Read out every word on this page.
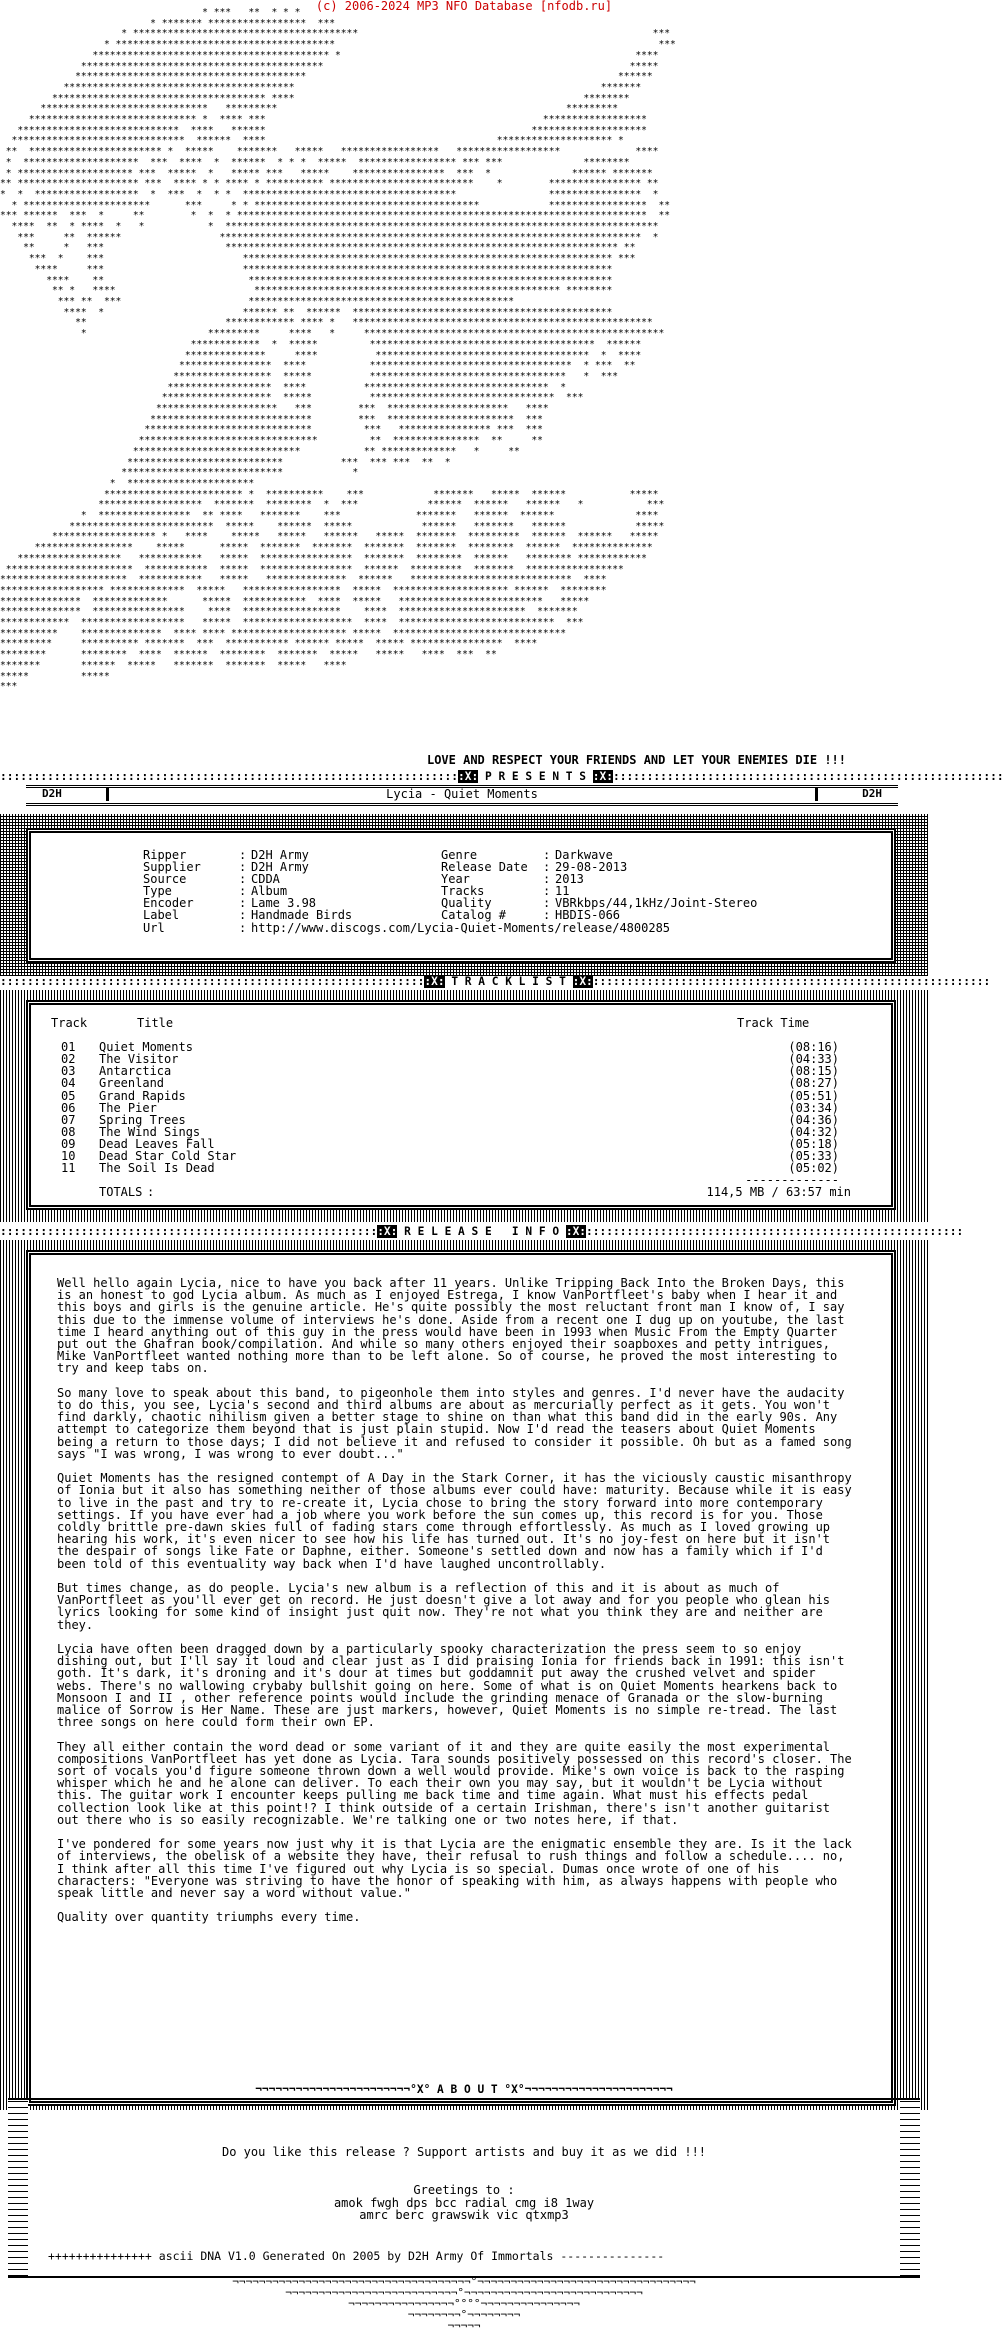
(c) 2006-2024 MP3 NFO Database [nfodb.ru]
* ***   **  * * *
* ******* *****************  ***
* ***************************************                                                   ***
* **************************************                                                        ***
***************************************** *                                                   ****
******************************************                                                     *****
****************************************                                                      ******
****************************************                                                     *******
************************************* ****                                                  ********
*****************************   *********                                                  *********
***************************** *  **** ***                                                ******************
****************************  ****   ******                                              ********************
******************************  ******  ****                                        ******************** *
**  *********************** *  *****    *******   *****   *****************   ******************             ****
*  ********************  ***  ****  *  ******  * * *  *****  ***************** *** ***              ********
* ******************** ***  *****  *   ***** ***   *****    ****************  ***  *              ****** *******
** ********************* ***  **** * * **** * ********** *************************    *        **************** **
*  *  ******************  *  ***  *  * *  *************************************                ****************  *
* **********************      ***     * * ***************************************            *****************  **
*** ******  ***  *     **        *  *  * ***********************************************************************  **
****  **  * ****  *   *           *  ***************************************************************************
***     **  ******                 *************************************************************************  *
**     *   ***                     ******************************************************************** **
***  *    ***                        **************************************************************** ***
****     ***                        ****************************************************************
****    **                         ***************************************************************
** *   ****                        ***************************************************** ********
*** **  ***                      **********************************************
****  *                        ****** **  ******  *********************************************
**                        ************ **** *   ****************************************************
*                     *********     ****   *     ****************************************************
************  *  *****         ***************************************  ******
**************     ****          *************************************  *  ****
****************  ****           ***********************************  * ***  **
*****************  *****          **********************************   *  ***
******************  ****          ********************************  *
*******************  *****          ********************************  ***
*********************   ***        ***  *********************   ****
****************************        ***  **********************  ***
*****************************         ***   **************** ***  ***
*******************************         **  ***************  **     **
*****************************           ** *************   *     **
***************************          ***  *** ***  **  *
****************************            *
*  **********************
************************ *  **********    ***            *******   *****  ******           *****
******************  *******  ********  *  ***            ******  ******   ******   *           ***
*  ****************  ** ****   *******    ***             *******   ******  ******              ****
*************************  *****    ******  *****            ******   *******   ******            *****
****************** *   ****    *****   *****   ******   *****  *******  *********  ******  ******   *****
*****************    *****      *****  *******  *******  *******  *******  ********  ******  **************
******************   ***********   *****  ****************  *******  ********  ******   ******** ************
**********************  ***********  *****  ****************  ******  *********  *******  *****************
**********************  ***********   *****   **************  ******   ****************************  ****
****************** *************  *****   *****************  *****  ******************** ******  ********
**************  *************      *****  ***********  ****  *****   *************************   *****
**************  ****************    ****  *****************    ****  **********************  *******
************  ******************   *****  *******************  ****  ***************************  ***
**********    **************  **** **** ******************** *****  ******************************
*********     ********** *******  ***  *********** ****** *****  ***** ****************  ****
********      ********  ****  ******  ********  *******  *****   *****   ****  ***  **
*******       ******  *****   *******  *******  *****   ****
*****         *****
***
LOVE AND RESPECT YOUR FRIENDS AND LET YOUR ENEMIES DIE !!!
:::::::::::::::::::::::::::::::::::::::::::::::::::::::::::::::::::::X: P R E S E N T S :X:::::::::::::::::::::::::::::::::::::::::::::::::::::::::::
D2H	Lycia - Quiet Moments	D2H
Ripper	: D2H Army	Genre	: Darkwave
Supplier	: D2H Army	Release Date	: 29-08-2013
Source	: CDDA	Year	: 2013
Type	: Album	Tracks	: 11
Encoder	: Lame 3.98	Quality	: VBRkbps/44,1kHz/Joint-Stereo
Label	: Handmade Birds	Catalog #	: HBDIS-066
Url	: http://www.discogs.com/Lycia-Quiet-Moments/release/4800285
::::::::::::::::::::::::::::::::::::::::::::::::::::::::::::::::X: T R A C K L I S T :X::::::::::::::::::::::::::::::::::::::::::::::::::::::::::::
Track	Title	Track Time
01	Quiet Moments	(08:16)
02	The Visitor	(04:33)
03	Antarctica	(08:15)
04	Greenland	(08:27)
05	Grand Rapids	(05:51)
06	The Pier	(03:34)
07	Spring Trees	(04:36)
08	The Wind Sings	(04:32)
09	Dead Leaves Fall	(05:18)
10	Dead Star Cold Star	(05:33)
11	The Soil Is Dead	(05:02)
-------------
TOTALS :	114,5 MB / 63:57 min
:::::::::::::::::::::::::::::::::::::::::::::::::::::::::X: R E L E A S E   I N F O :X:::::::::::::::::::::::::::::::::::::::::::::::::::::::::

Well hello again Lycia, nice to have you back after 11 years. Unlike Tripping Back Into the Broken Days, this is an honest to god Lycia album. As much as I enjoyed Estrega, I know VanPortfleet's baby when I hear it and this boys and girls is the genuine article. He's quite possibly the most reluctant front man I know of, I say this due to the immense volume of interviews he's done. Aside from a recent one I dug up on youtube, the last time I heard anything out of this guy in the press would have been in 1993 when Music From the Empty Quarter put out the Ghafran book/compilation. And while so many others enjoyed their soapboxes and petty intrigues, Mike VanPortfleet wanted nothing more than to be left alone. So of course, he proved the most interesting to try and keep tabs on.

So many love to speak about this band, to pigeonhole them into styles and genres. I'd never have the audacity to do this, you see, Lycia's second and third albums are about as mercurially perfect as it gets. You won't find darkly, chaotic nihilism given a better stage to shine on than what this band did in the early 90s. Any attempt to categorize them beyond that is just plain stupid. Now I'd read the teasers about Quiet Moments being a return to those days; I did not believe it and refused to consider it possible. Oh but as a famed song says "I was wrong, I was wrong to ever doubt..."

Quiet Moments has the resigned contempt of A Day in the Stark Corner, it has the viciously caustic misanthropy of Ionia but it also has something neither of those albums ever could have: maturity. Because while it is easy to live in the past and try to re-create it, Lycia chose to bring the story forward into more contemporary settings. If you have ever had a job where you work before the sun comes up, this record is for you. Those coldly brittle pre-dawn skies full of fading stars come through effortlessly. As much as I loved growing up hearing his work, it's even nicer to see how his life has turned out. It's no joy-fest on here but it isn't the despair of songs like Fate or Daphne, either. Someone's settled down and now has a family which if I'd been told of this eventuality way back when I'd have laughed uncontrollably.

But times change, as do people. Lycia's new album is a reflection of this and it is about as much of VanPortfleet as you'll ever get on record. He just doesn't give a lot away and for you people who glean his lyrics looking for some kind of insight just quit now. They're not what you think they are and neither are they.

Lycia have often been dragged down by a particularly spooky characterization the press seem to so enjoy dishing out, but I'll say it loud and clear just as I did praising Ionia for friends back in 1991: this isn't goth. It's dark, it's droning and it's dour at times but goddamnit put away the crushed velvet and spider webs. There's no wallowing crybaby bullshit going on here. Some of what is on Quiet Moments hearkens back to Monsoon I and II , other reference points would include the grinding menace of Granada or the slow-burning malice of Sorrow is Her Name. These are just markers, however, Quiet Moments is no simple re-tread. The last three songs on here could form their own EP.

They all either contain the word dead or some variant of it and they are quite easily the most experimental compositions VanPortfleet has yet done as Lycia. Tara sounds positively possessed on this record's closer. The sort of vocals you'd figure someone thrown down a well would provide. Mike's own voice is back to the rasping whisper which he and he alone can deliver. To each their own you may say, but it wouldn't be Lycia without this. The guitar work I encounter keeps pulling me back time and time again. What must his effects pedal collection look like at this point!? I think outside of a certain Irishman, there's isn't another guitarist out there who is so easily recognizable. We're talking one or two notes here, if that.

I've pondered for some years now just why it is that Lycia are the enigmatic ensemble they are. Is it the lack of interviews, the obelisk of a website they have, their refusal to rush things and follow a schedule.... no, I think after all this time I've figured out why Lycia is so special. Dumas once wrote of one of his characters: "Everyone was striving to have the honor of speaking with him, as always happens with people who speak little and never say a word without value."

Quality over quantity triumphs every time.

¬¬¬¬¬¬¬¬¬¬¬¬¬¬¬¬¬¬¬¬¬¬¬°X° A B O U T °X°¬¬¬¬¬¬¬¬¬¬¬¬¬¬¬¬¬¬¬¬¬¬
Do you like this release ? Support artists and buy it as we did !!!
Greetings to :
amok fwgh dps bcc radial cmg i8 1way
amrc berc grawswik vic qtxmp3
+++++++++++++++ ascii DNA V1.0 Generated On 2005 by D2H Army Of Immortals ---------------
¬¬¬¬¬¬¬¬¬¬¬¬¬¬¬¬¬¬¬¬¬¬¬¬¬¬¬¬¬¬¬¬¬¬¬¬°¬¬¬¬¬¬¬¬¬¬¬¬¬¬¬¬¬¬¬¬¬¬¬¬¬¬¬¬¬¬¬¬¬
¬¬¬¬¬¬¬¬¬¬¬¬¬¬¬¬¬¬¬¬¬¬¬¬¬¬°¬¬¬¬¬¬¬¬¬¬¬¬¬¬¬¬¬¬¬¬¬¬¬¬¬¬¬
¬¬¬¬¬¬¬¬¬¬¬¬¬¬¬¬°°°°¬¬¬¬¬¬¬¬¬¬¬¬¬¬¬
¬¬¬¬¬¬¬¬°¬¬¬¬¬¬¬¬
¬¬¬¬¬
